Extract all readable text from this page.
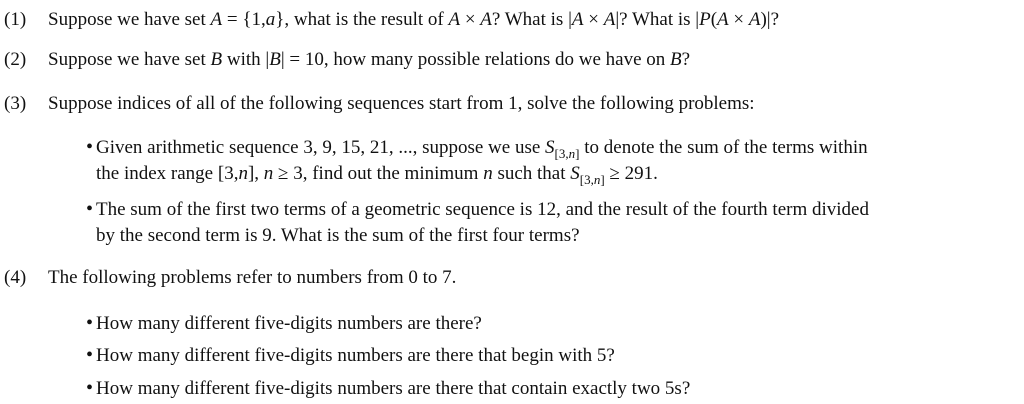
(1) Suppose we have set A = {1,a}, what is the result of A × A? What is |A × A|? What is |P(A × A)|?
(2) Suppose we have set B with |B| = 10, how many possible relations do we have on B?
(3) Suppose indices of all of the following sequences start from 1, solve the following problems:
• Given arithmetic sequence 3, 9, 15, 21, ..., suppose we use $S_{[3,n]}$ to denote the sum of the terms within
the index range [3,n], n ≥ 3, find out the minimum n such that $S_{[3,n]} \ge 291$.
• The sum of the first two terms of a geometric sequence is 12, and the result of the fourth term divided
by the second term is 9. What is the sum of the first four terms?
(4) The following problems refer to numbers from 0 to 7.
• How many different five-digits numbers are there?
• How many different five-digits numbers are there that begin with 5?
• How many different five-digits numbers are there that contain exactly two 5s?
